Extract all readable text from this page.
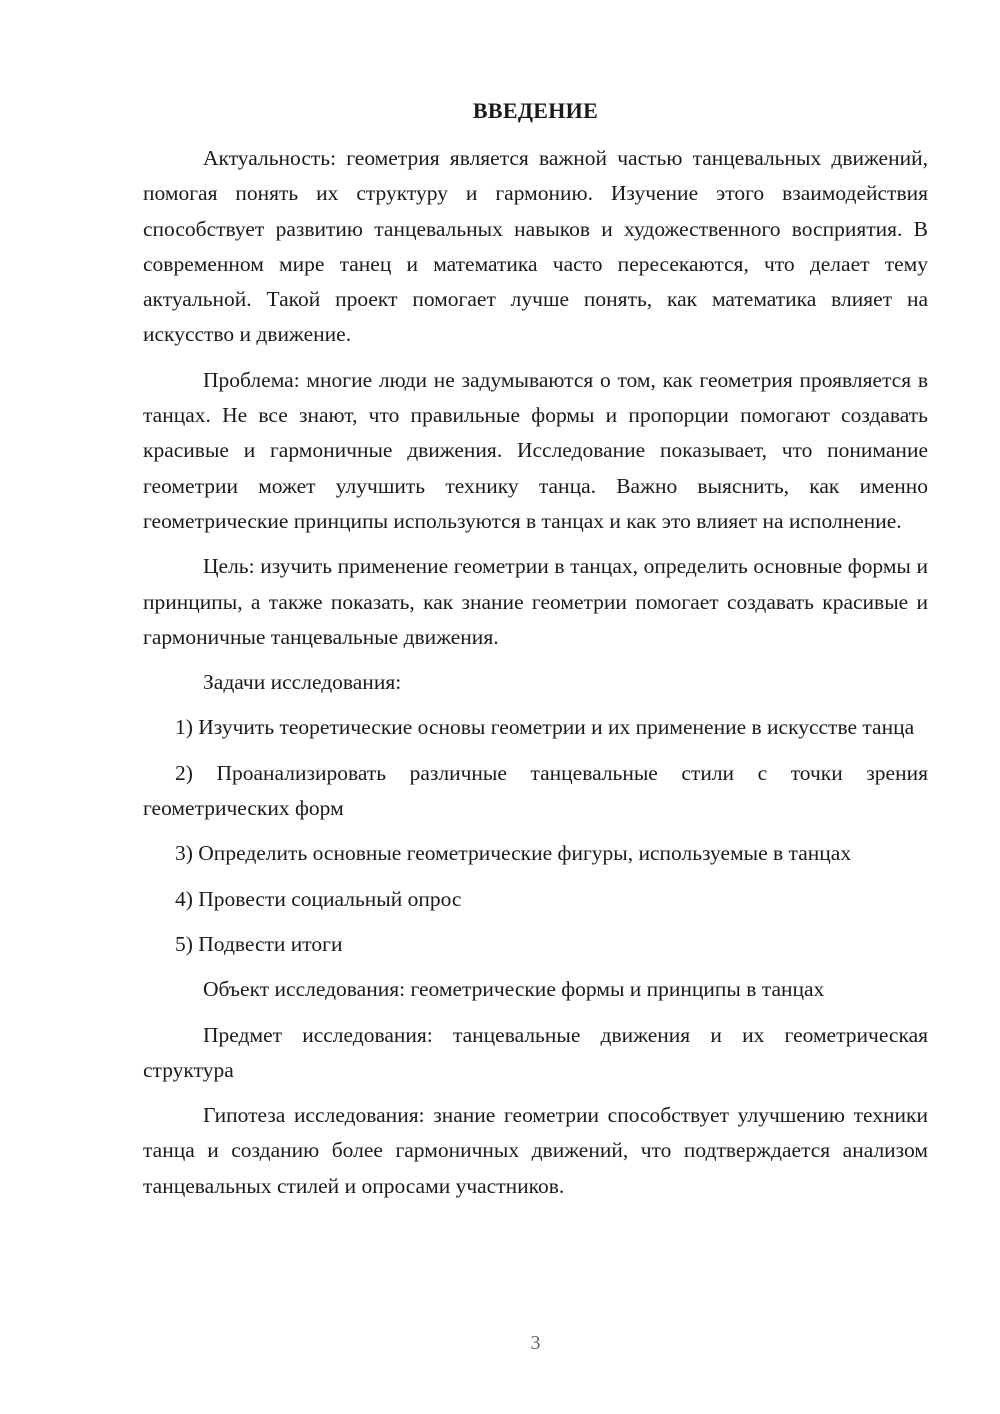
ВВЕДЕНИЕ

Актуальность: геометрия является важной частью танцевальных движений, помогая понять их структуру и гармонию. Изучение этого взаимодействия способствует развитию танцевальных навыков и художественного восприятия. В современном мире танец и математика часто пересекаются, что делает тему актуальной. Такой проект помогает лучше понять, как математика влияет на искусство и движение.

Проблема: многие люди не задумываются о том, как геометрия проявляется в танцах. Не все знают, что правильные формы и пропорции помогают создавать красивые и гармоничные движения. Исследование показывает, что понимание геометрии может улучшить технику танца. Важно выяснить, как именно геометрические принципы используются в танцах и как это влияет на исполнение.

Цель: изучить применение геометрии в танцах, определить основные формы и принципы, а также показать, как знание геометрии помогает создавать красивые и гармоничные танцевальные движения.

Задачи исследования:

1) Изучить теоретические основы геометрии и их применение в искусстве танца

2) Проанализировать различные танцевальные стили с точки зрения геометрических форм

3) Определить основные геометрические фигуры, используемые в танцах

4) Провести социальный опрос

5) Подвести итоги

Объект исследования: геометрические формы и принципы в танцах

Предмет исследования: танцевальные движения и их геометрическая структура

Гипотеза исследования: знание геометрии способствует улучшению техники танца и созданию более гармоничных движений, что подтверждается анализом танцевальных стилей и опросами участников.

3
